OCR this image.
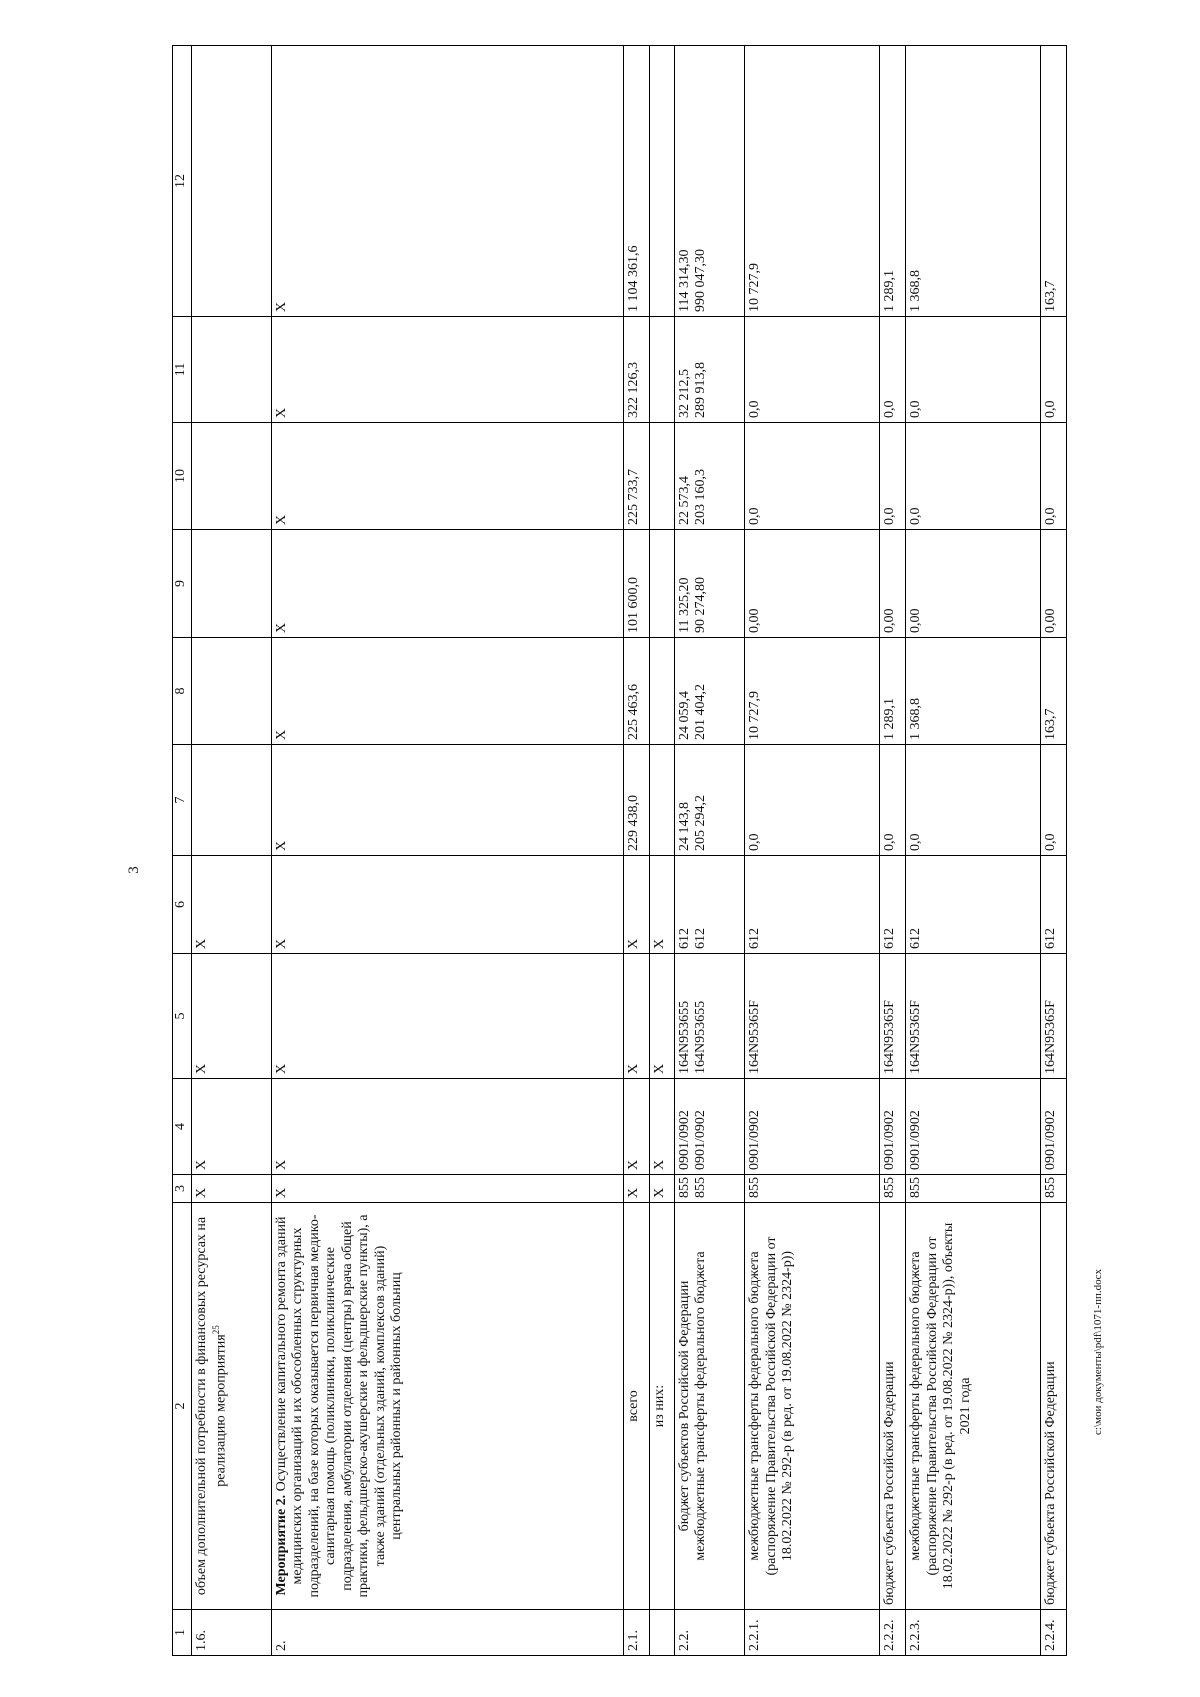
3
1	2	3	4	5	6	7	8	9	10	11	12
1.6.	объем дополнительной потребности в финансовых ресурсах на реализацию мероприятия$^{25}$	X	X	X	X						
2.	Мероприятие 2. Осуществление капитального ремонта зданий медицинских организаций и их обособленных структурных подразделений, на базе которых оказывается первичная медико-санитарная помощь (поликлиники, поликлинические подразделения, амбулатории отделения (центры) врача общей практики, фельдшерско-акушерские и фельдшерские пункты), а также зданий (отдельных зданий, комплексов зданий) центральных районных и районных больниц	X	X	X	X	X	X	X	X	X	X
2.1.	всего	X	X	X	X	229 438,0	225 463,6	101 600,0	225 733,7	322 126,3	1 104 361,6
	из них:	X	X	X	X						
2.2.	бюджет субъектов Российской Федерации межбюджетные трансферты федерального бюджета	855 855	0901/0902 0901/0902	164N953655 164N953655	612 612	24 143,8 205 294,2	24 059,4 201 404,2	11 325,20 90 274,80	22 573,4 203 160,3	32 212,5 289 913,8	114 314,30 990 047,30

2.2.1.	межбюджетные трансферты федерального бюджета (распоряжение Правительства Российской Федерации от 18.02.2022 № 292-р (в ред. от 19.08.2022 № 2324-р))	855	0901/0902	164N95365F	612	0,0	10 727,9	0,00	0,0	0,0	10 727,9
2.2.2.	бюджет субъекта Российской Федерации	855	0901/0902	164N95365F	612	0,0	1 289,1	0,00	0,0	0,0	1 289,1
2.2.3.	межбюджетные трансферты федерального бюджета (распоряжение Правительства Российской Федерации от 18.02.2022 № 292-р (в ред. от 19.08.2022 № 2324-р)), объекты 2021 года	855	0901/0902	164N95365F	612	0,0	1 368,8	0,00	0,0	0,0	1 368,8
2.2.4.	бюджет субъекта Российской Федерации	855	0901/0902	164N95365F	612	0,0	163,7	0,00	0,0	0,0	163,7
c:\мои документы\pdf\1071-пп.docx
